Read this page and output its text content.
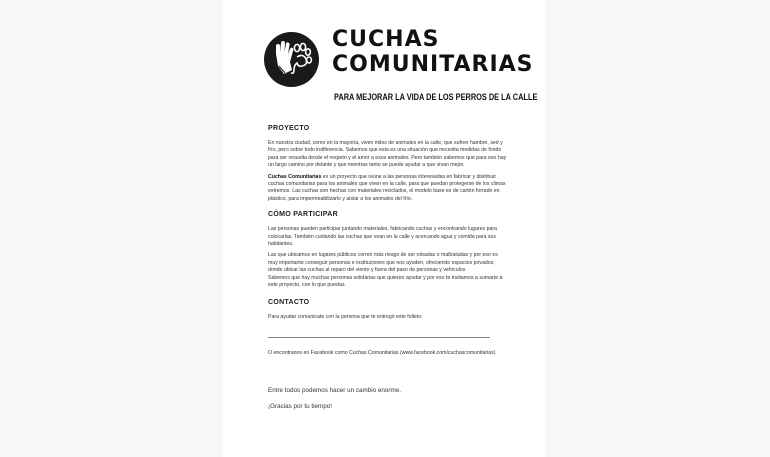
CUCHAS
COMUNITARIAS
PARA MEJORAR LA VIDA DE LOS PERROS DE LA CALLE
PROYECTO

En nuestra ciudad, como en la mayoría, viven miles de animales en la calle, que sufren hambre, sed y frío, pero sobre todo indiferencia. Sabemos que esta es una situación que necesita medidas de fondo para ser resuelta desde el respeto y el amor a esos animales. Pero también sabemos que para eso hay un largo camino por delante y que mientras tanto se puede ayudar a que vivan mejor.

Cuchas Comunitarias es un proyecto que reúne a las personas interesadas en fabricar y distribuir cuchas comunitarias para los animales que viven en la calle, para que puedan protegerse de los climas extremos. Las cuchas son hechas con materiales reciclados, el modelo base es de cartón forrado en plástico, para impermeabilizarlo y aislar a los animales del frío.

CÓMO PARTICIPAR

Las personas pueden participar juntando materiales, fabricando cuchas y encontrando lugares para colocarlas. También cuidando las cuchas que vean en la calle y acercando agua y comida para sus habitantes.

Las que ubicamos en lugares públicos corren más riesgo de ser robadas o maltratadas y por eso es muy importante conseguir personas e instituciones que nos ayuden, ofreciendo espacios privados, donde ubicar las cuchas al reparo del viento y fuera del paso de personas y vehículos.

Sabemos que hay muchas personas solidarias que quieren ayudar y por eso te invitamos a sumarte a este proyecto, con lo que puedas.

CONTACTO

Para ayudar comunicate con la persona que te entregó este folleto:

O encontranos en Facebook como Cuchas Comunitarias (www.facebook.com/cuchascomunitarias)

Entre todos podemos hacer un cambio enorme.

¡Gracias por tu tiempo!
